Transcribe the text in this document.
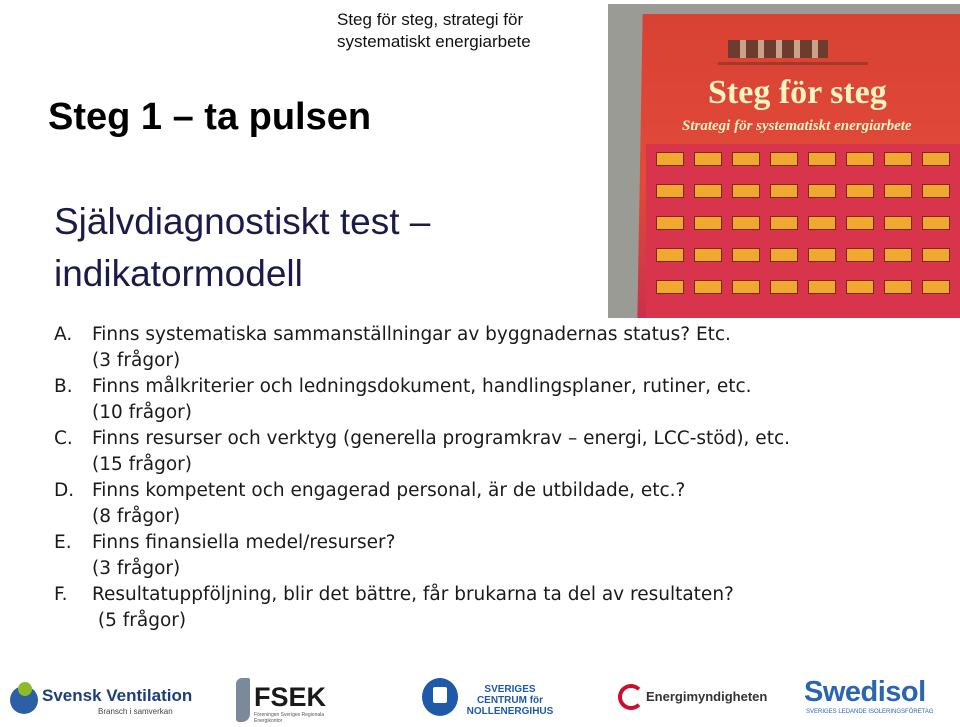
Steg för steg, strategi för systematiskt energiarbete
Steg 1 – ta pulsen
Självdiagnostiskt test – indikatormodell
Steg för steg
Strategi för systematiskt energiarbete
A. Finns systematiska sammanställningar av byggnadernas status? Etc.
(3 frågor)
B. Finns målkriterier och ledningsdokument, handlingsplaner, rutiner, etc.
(10 frågor)
C. Finns resurser och verktyg (generella programkrav – energi, LCC-stöd), etc.
(15 frågor)
D. Finns kompetent och engagerad personal, är de utbildade, etc.?
(8 frågor)
E. Finns finansiella medel/resurser?
(3 frågor)
F. Resultatuppföljning, blir det bättre, får brukarna ta del av resultaten?
(5 frågor)
Svensk Ventilation
Bransch i samverkan	FSEK
Föreningen Sveriges Regionala Energikontor
SVERIGES CENTRUM för NOLLENERGIHUS
Energimyndigheten Swedisol
SVERIGES LEDANDE ISOLERINGSFÖRETAG
